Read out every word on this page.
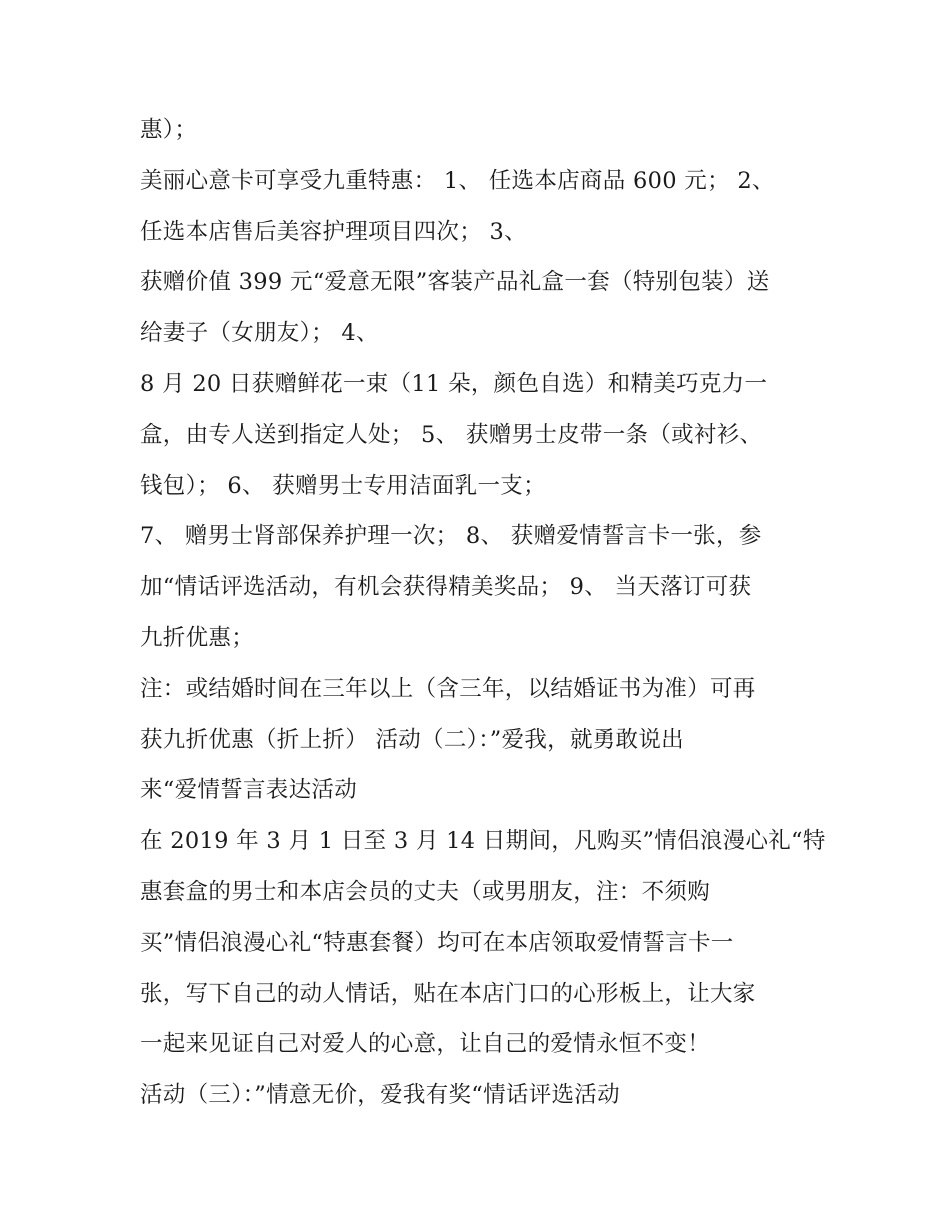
惠）；
美丽心意卡可享受九重特惠： 1、 任选本店商品 600 元； 2、
任选本店售后美容护理项目四次； 3、
获赠价值 399 元“爱意无限”客装产品礼盒一套（特别包装）送
给妻子（女朋友）； 4、
8 月 20 日获赠鲜花一束（11 朵，颜色自选）和精美巧克力一
盒，由专人送到指定人处； 5、 获赠男士皮带一条（或衬衫、
钱包）； 6、 获赠男士专用洁面乳一支；
7、 赠男士肾部保养护理一次； 8、 获赠爱情誓言卡一张，参
加“情话评选活动，有机会获得精美奖品； 9、 当天落订可获
九折优惠；
注：或结婚时间在三年以上（含三年，以结婚证书为准）可再
获九折优惠（折上折） 活动（二）：”爱我，就勇敢说出
来“爱情誓言表达活动
在 2019 年 3 月 1 日至 3 月 14 日期间，凡购买”情侣浪漫心礼“特
惠套盒的男士和本店会员的丈夫（或男朋友，注：不须购
买”情侣浪漫心礼“特惠套餐）均可在本店领取爱情誓言卡一
张，写下自己的动人情话，贴在本店门口的心形板上，让大家
一起来见证自己对爱人的心意，让自己的爱情永恒不变！
活动（三）：”情意无价，爱我有奖“情话评选活动
